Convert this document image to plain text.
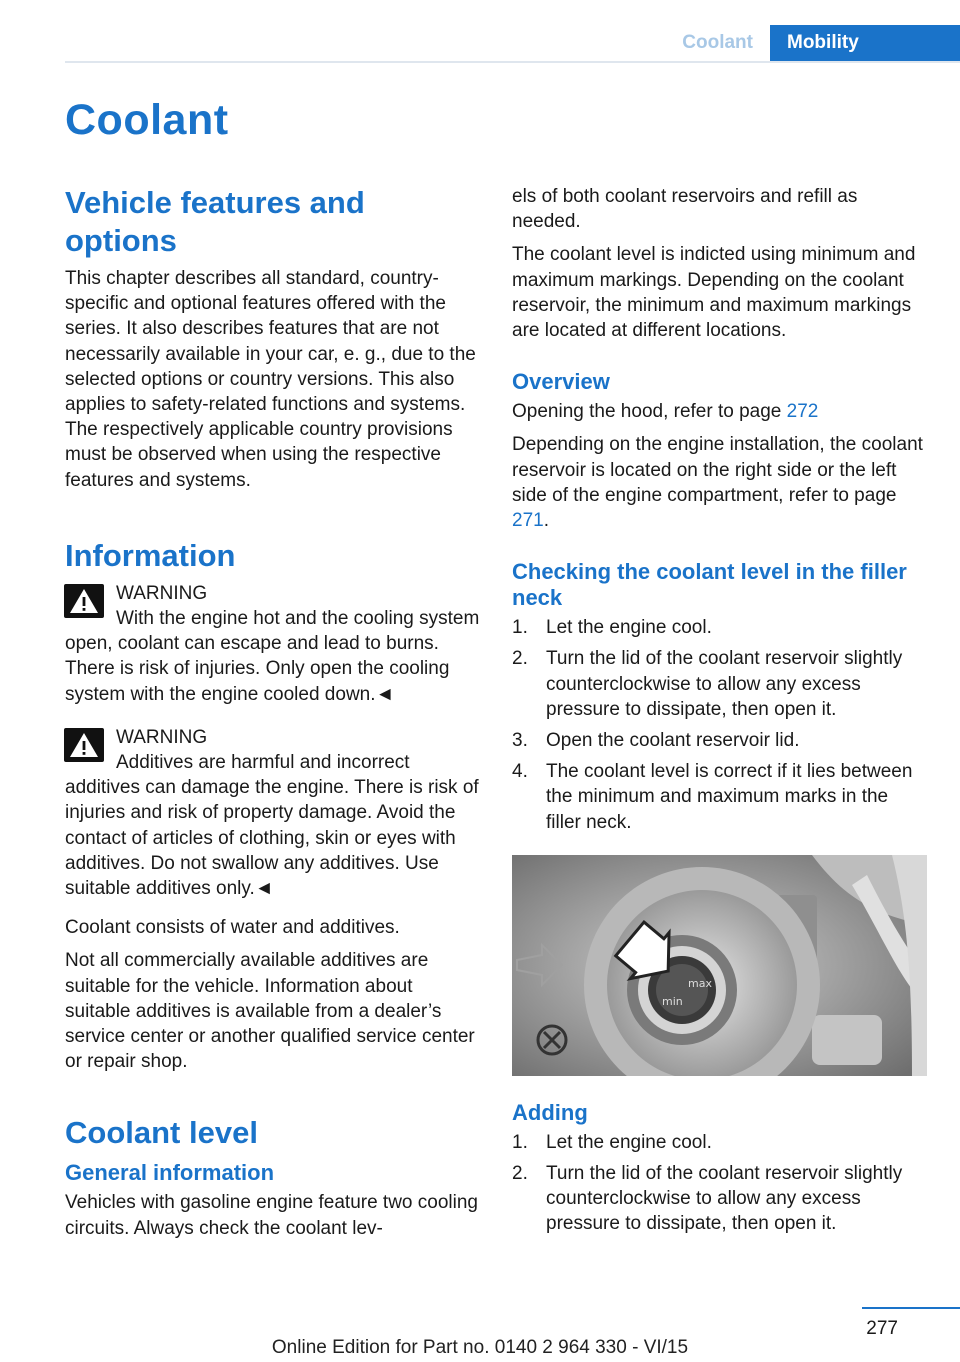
Coolant	Mobility
Coolant
Vehicle features and options

This chapter describes all standard, country-specific and optional features offered with the series. It also describes features that are not necessarily available in your car, e. g., due to the selected options or country versions. This also applies to safety-related functions and systems. The respectively applicable country provisions must be observed when using the respective features and systems.

Information
WARNING
With the engine hot and the cooling system open, coolant can escape and lead to burns. There is risk of injuries. Only open the cooling system with the engine cooled down.◄
WARNING
Additives are harmful and incorrect additives can damage the engine. There is risk of injuries and risk of property damage. Avoid the contact of articles of clothing, skin or eyes with additives. Do not swallow any additives. Use suitable additives only.◄

Coolant consists of water and additives.

Not all commercially available additives are suitable for the vehicle. Information about suitable additives is available from a dealer’s service center or another qualified service center or repair shop.

Coolant level
General information

Vehicles with gasoline engine feature two cooling circuits. Always check the coolant lev-

els of both coolant reservoirs and refill as needed.

The coolant level is indicted using minimum and maximum markings. Depending on the coolant reservoir, the minimum and maximum markings are located at different locations.

Overview

Opening the hood, refer to page 272

Depending on the engine installation, the coolant reservoir is located on the right side or the left side of the engine compartment, refer to page 271.

Checking the coolant level in the filler neck
1. Let the engine cool.
2. Turn the lid of the coolant reservoir slightly counterclockwise to allow any excess pressure to dissipate, then open it.
3. Open the coolant reservoir lid.
4. The coolant level is correct if it lies between the minimum and maximum marks in the filler neck.
max
min
Adding
1. Let the engine cool.
2. Turn the lid of the coolant reservoir slightly counterclockwise to allow any excess pressure to dissipate, then open it.
277
Online Edition for Part no. 0140 2 964 330 - VI/15
